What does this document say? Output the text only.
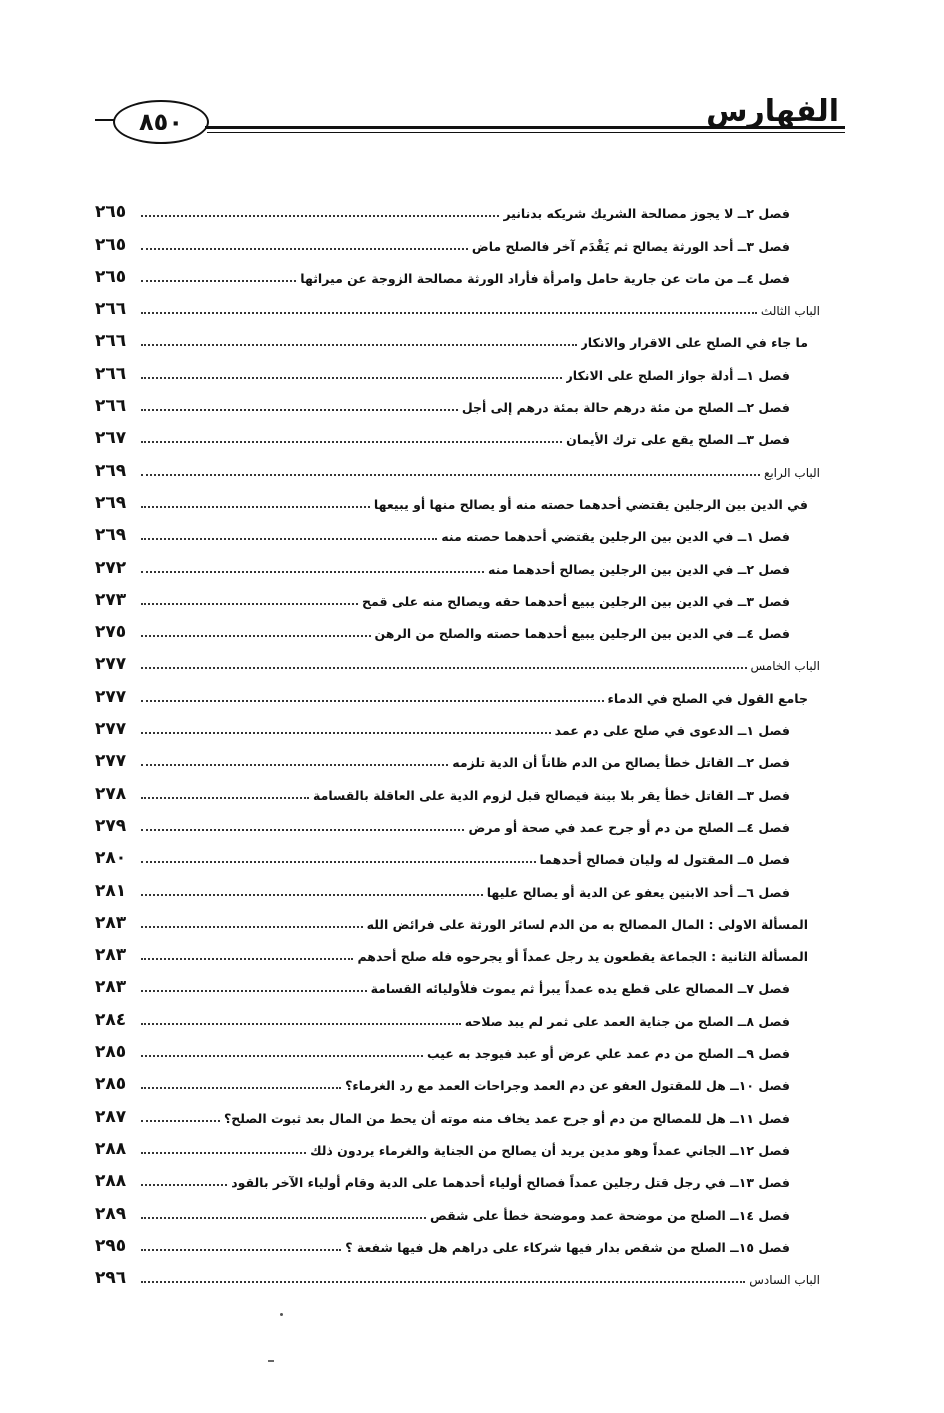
٨٥٠	الفهارس
٢٦٥	فصل ٢ــ لا يجوز مصالحة الشريك شريكه بدنانير
٢٦٥	فصل ٣ــ أحد الورثة يصالح ثم يَقْدَم آخر فالصلح ماض
٢٦٥	فصل ٤ــ من مات عن جارية حامل وامرأة فأراد الورثة مصالحة الزوجة عن ميراثها
٢٦٦	الباب الثالث
٢٦٦	ما جاء في الصلح على الاقرار والانكار
٢٦٦	فصل ١ــ أدلة جواز الصلح على الانكار
٢٦٦	فصل ٢ــ الصلح من مئة درهم حالة بمئة درهم إلى أجل
٢٦٧	فصل ٣ــ الصلح يقع على ترك الأيمان
٢٦٩	الباب الرابع
٢٦٩	في الدين بين الرجلين يقتضي أحدهما حصته منه أو يصالح منها أو يبيعها
٢٦٩	فصل ١ــ في الدين بين الرجلين يقتضي أحدهما حصته منه
٢٧٢	فصل ٢ــ في الدين بين الرجلين يصالح أحدهما منه
٢٧٣	فصل ٣ــ في الدين بين الرجلين يبيع أحدهما حقه ويصالح منه على قمح
٢٧٥	فصل ٤ــ في الدين بين الرجلين يبيع أحدهما حصته والصلح من الرهن
٢٧٧	الباب الخامس
٢٧٧	جامع القول في الصلح في الدماء
٢٧٧	فصل ١ــ الدعوى في صلح على دم عمد
٢٧٧	فصل ٢ــ القاتل خطأ يصالح من الدم ظاناً أن الدية تلزمه
٢٧٨	فصل ٣ــ القاتل خطأ يقر بلا بينة فيصالح قبل لزوم الدية على العاقلة بالقسامة
٢٧٩	فصل ٤ــ الصلح من دم أو جرح عمد في صحة أو مرض
٢٨٠	فصل ٥ــ المقتول له وليان فصالح أحدهما
٢٨١	فصل ٦ــ أحد الابنين يعفو عن الدية أو يصالح عليها
٢٨٣	المسألة الاولى : المال المصالح به من الدم لسائر الورثة على فرائض الله
٢٨٣	المسألة الثانية : الجماعة يقطعون يد رجل عمداً أو يجرحوه فله صلح أحدهم
٢٨٣	فصل ٧ــ المصالح على قطع يده عمداً يبرأ ثم يموت فلأوليائه القسامة
٢٨٤	فصل ٨ــ الصلح من جناية العمد على ثمر لم يبد صلاحه
٢٨٥	فصل ٩ــ الصلح من دم عمد علي عرض أو عبد فيوجد به عيب
٢٨٥	فصل ١٠ــ هل للمقتول العفو عن دم العمد وجراحات العمد مع رد الغرماء؟
٢٨٧	فصل ١١ــ هل للمصالح من دم أو جرح عمد يخاف منه موته أن يحط من المال بعد ثبوت الصلح؟
٢٨٨	فصل ١٢ــ الجاني عمداً وهو مدين يريد أن يصالح من الجناية والغرماء يردون ذلك
٢٨٨	فصل ١٣ــ في رجل قتل رجلين عمداً فصالح أولياء أحدهما على الدية وقام أولياء الآخر بالقود
٢٨٩	فصل ١٤ــ الصلح من موضحة عمد وموضحة خطأ على شقص
٢٩٥	فصل ١٥ــ الصلح من شقص بدار فيها شركاء على دراهم هل فيها شفعة ؟
٢٩٦	الباب السادس
